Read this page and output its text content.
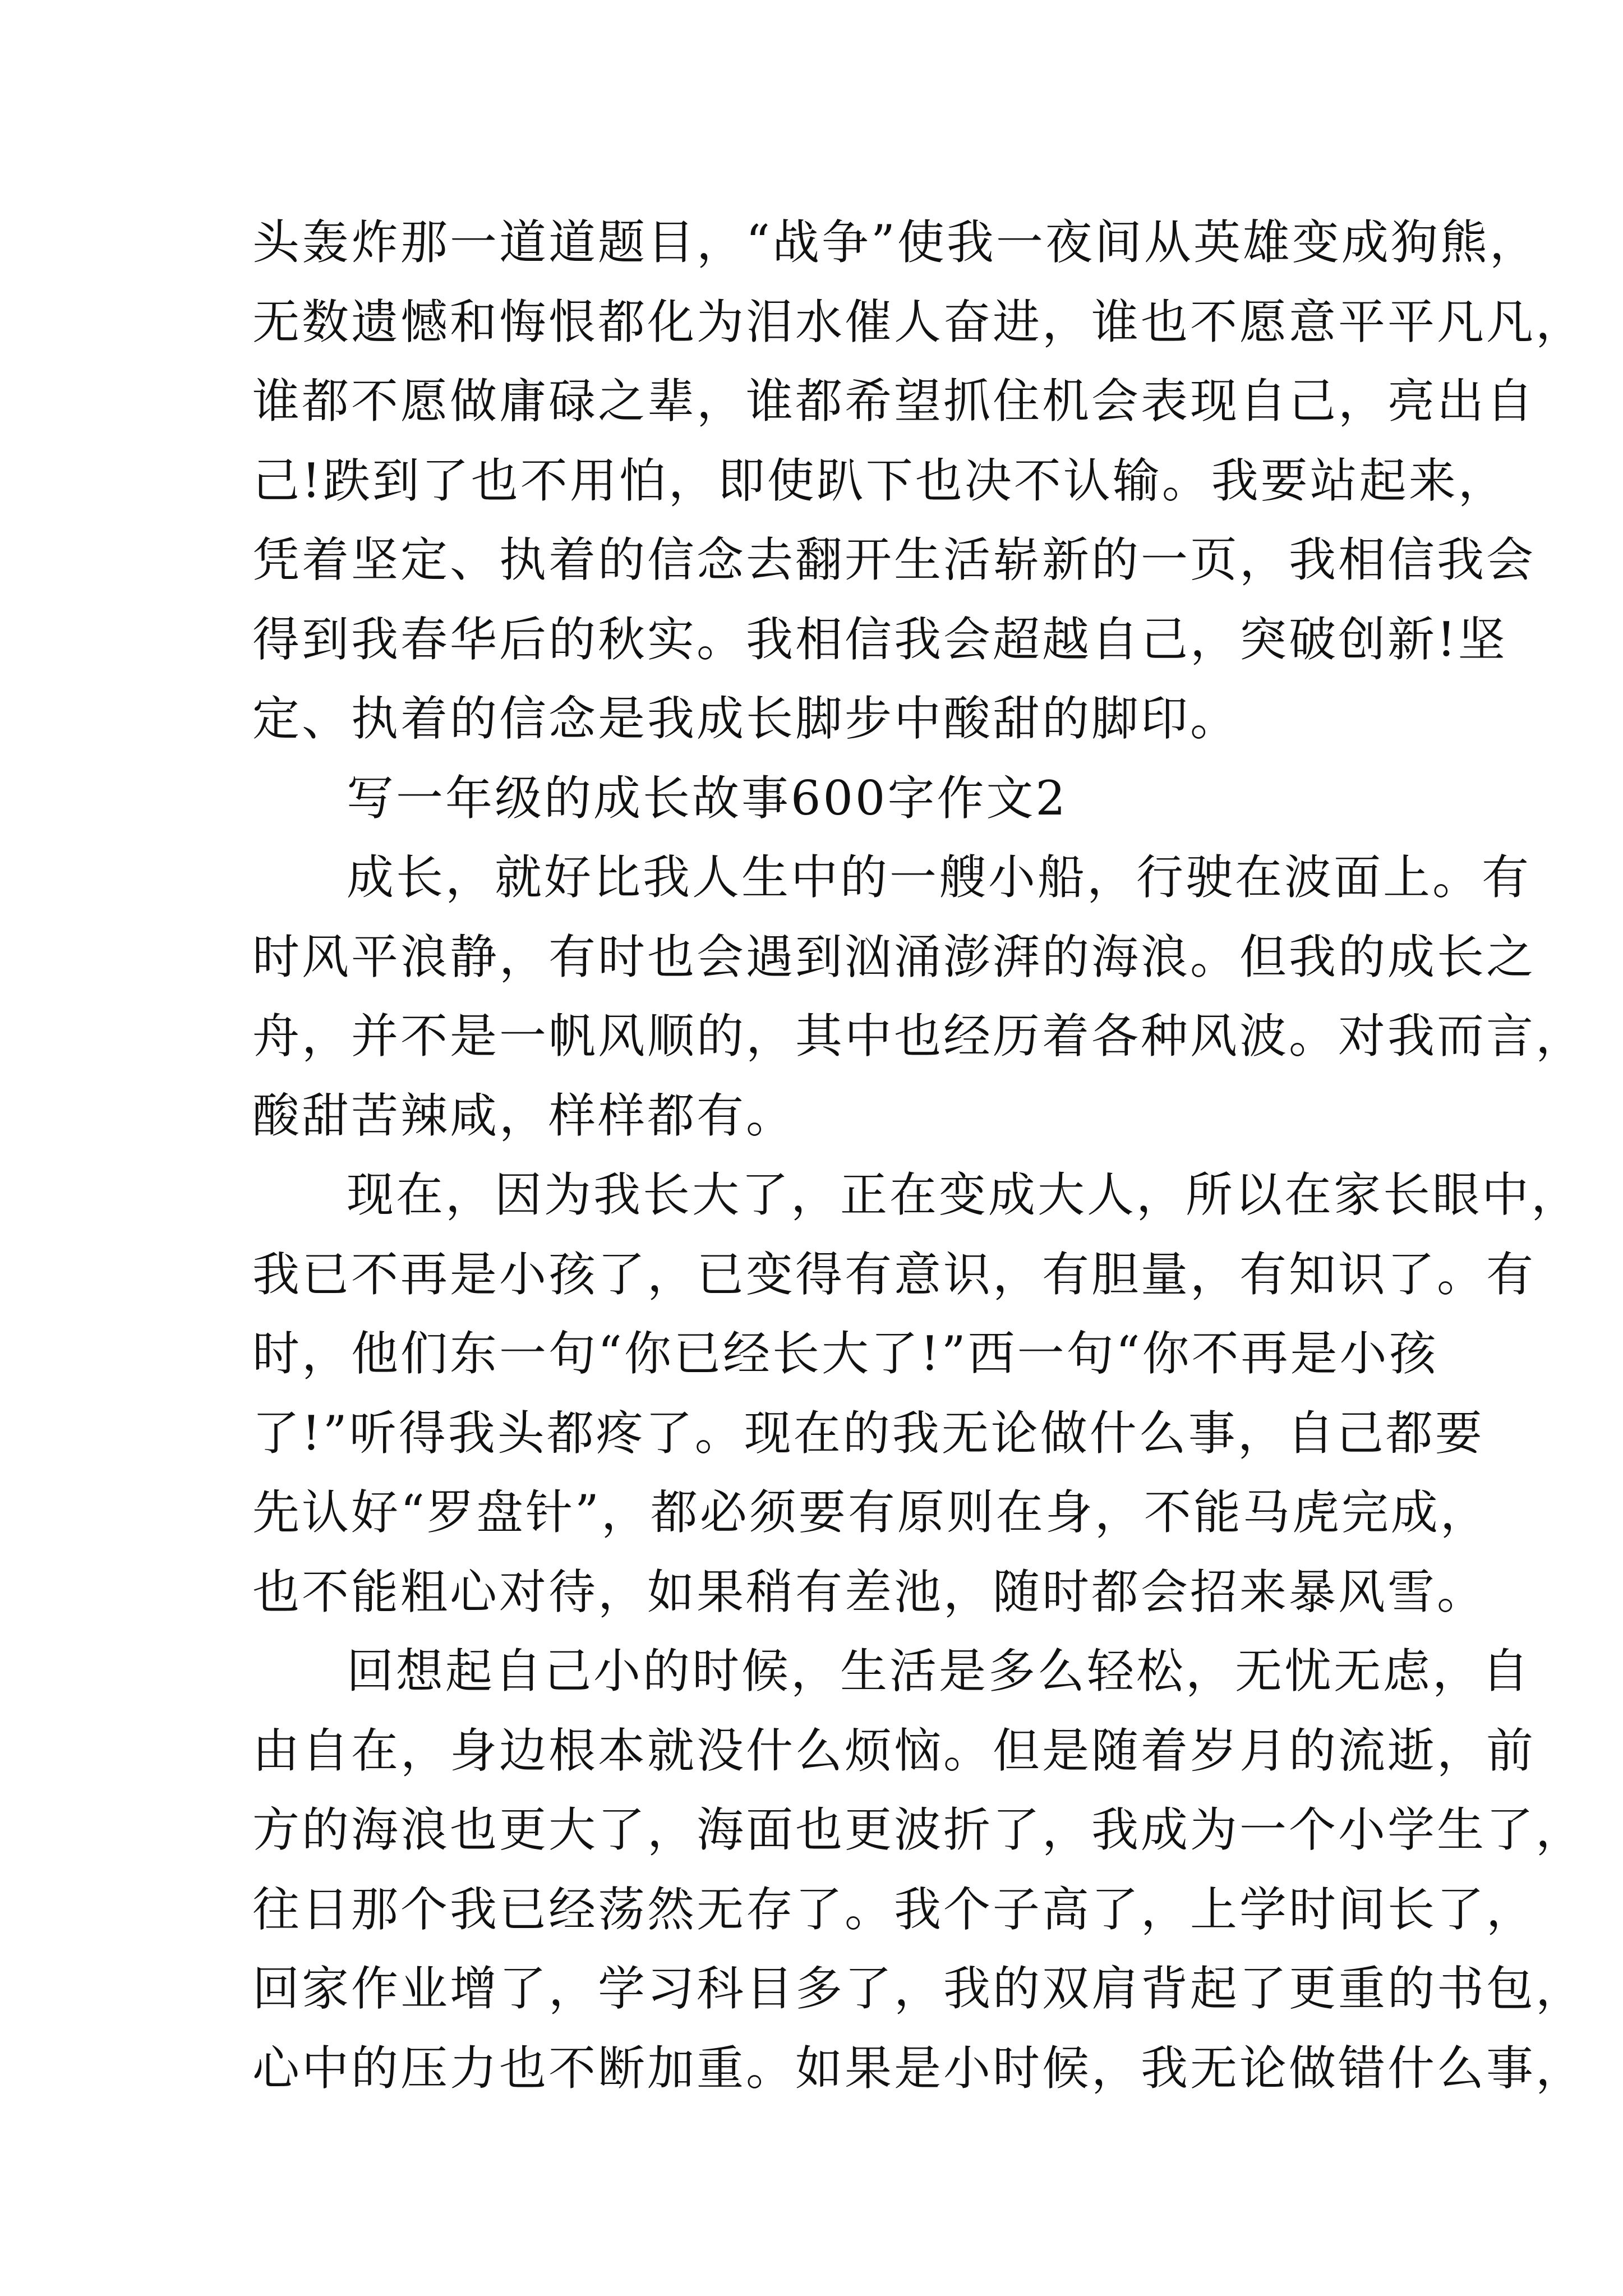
头轰炸那一道道题目，“战争”使我一夜间从英雄变成狗熊，
无数遗憾和悔恨都化为泪水催人奋进，谁也不愿意平平凡凡，
谁都不愿做庸碌之辈，谁都希望抓住机会表现自己，亮出自
己!跌到了也不用怕，即使趴下也决不认输。我要站起来，
凭着坚定、执着的信念去翻开生活崭新的一页，我相信我会
得到我春华后的秋实。我相信我会超越自己，突破创新!坚
定、执着的信念是我成长脚步中酸甜的脚印。
写一年级的成长故事600字作文2
成长，就好比我人生中的一艘小船，行驶在波面上。有
时风平浪静，有时也会遇到汹涌澎湃的海浪。但我的成长之
舟，并不是一帆风顺的，其中也经历着各种风波。对我而言，
酸甜苦辣咸，样样都有。
现在，因为我长大了，正在变成大人，所以在家长眼中，
我已不再是小孩了，已变得有意识，有胆量，有知识了。有
时，他们东一句“你已经长大了!”西一句“你不再是小孩
了!”听得我头都疼了。现在的我无论做什么事，自己都要
先认好“罗盘针”，都必须要有原则在身，不能马虎完成，
也不能粗心对待，如果稍有差池，随时都会招来暴风雪。
回想起自己小的时候，生活是多么轻松，无忧无虑，自
由自在，身边根本就没什么烦恼。但是随着岁月的流逝，前
方的海浪也更大了，海面也更波折了，我成为一个小学生了，
往日那个我已经荡然无存了。我个子高了，上学时间长了，
回家作业增了，学习科目多了，我的双肩背起了更重的书包，
心中的压力也不断加重。如果是小时候，我无论做错什么事，
